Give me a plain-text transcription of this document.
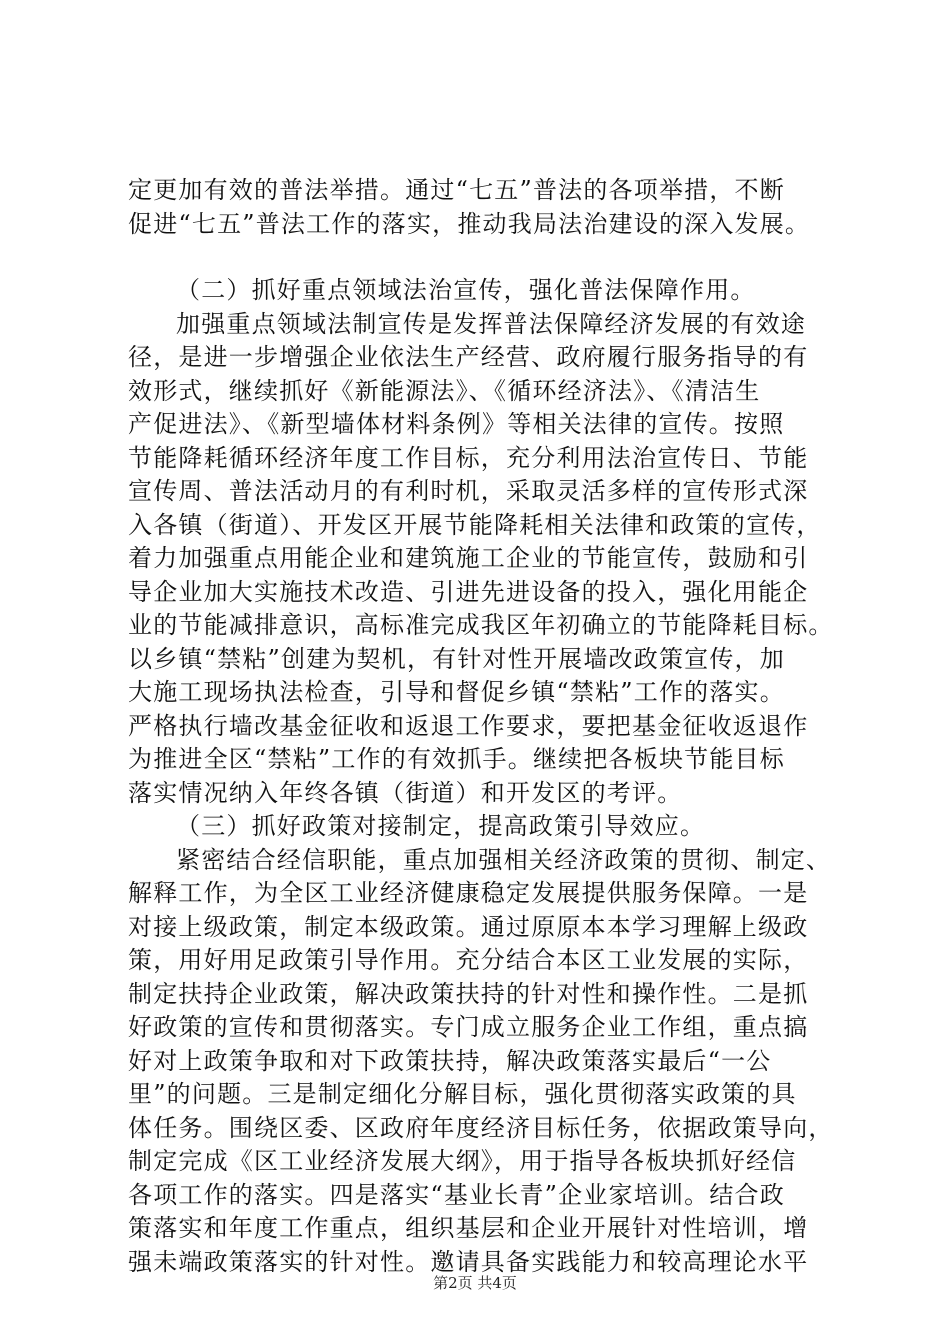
定更加有效的普法举措。通过“七五”普法的各项举措，不断
促进“七五”普法工作的落实，推动我局法治建设的深入发展。
（二）抓好重点领域法治宣传，强化普法保障作用。
加强重点领域法制宣传是发挥普法保障经济发展的有效途
径，是进一步增强企业依法生产经营、政府履行服务指导的有
效形式，继续抓好《新能源法》、《循环经济法》、《清洁生
产促进法》、《新型墙体材料条例》等相关法律的宣传。按照
节能降耗循环经济年度工作目标，充分利用法治宣传日、节能
宣传周、普法活动月的有利时机，采取灵活多样的宣传形式深
入各镇（街道）、开发区开展节能降耗相关法律和政策的宣传，
着力加强重点用能企业和建筑施工企业的节能宣传，鼓励和引
导企业加大实施技术改造、引进先进设备的投入，强化用能企
业的节能减排意识，高标准完成我区年初确立的节能降耗目标。
以乡镇“禁粘”创建为契机，有针对性开展墙改政策宣传，加
大施工现场执法检查，引导和督促乡镇“禁粘”工作的落实。
严格执行墙改基金征收和返退工作要求，要把基金征收返退作
为推进全区“禁粘”工作的有效抓手。继续把各板块节能目标
落实情况纳入年终各镇（街道）和开发区的考评。
（三）抓好政策对接制定，提高政策引导效应。
紧密结合经信职能，重点加强相关经济政策的贯彻、制定、
解释工作，为全区工业经济健康稳定发展提供服务保障。一是
对接上级政策，制定本级政策。通过原原本本学习理解上级政
策，用好用足政策引导作用。充分结合本区工业发展的实际，
制定扶持企业政策，解决政策扶持的针对性和操作性。二是抓
好政策的宣传和贯彻落实。专门成立服务企业工作组，重点搞
好对上政策争取和对下政策扶持，解决政策落实最后“一公
里”的问题。三是制定细化分解目标，强化贯彻落实政策的具
体任务。围绕区委、区政府年度经济目标任务，依据政策导向，
制定完成《区工业经济发展大纲》，用于指导各板块抓好经信
各项工作的落实。四是落实“基业长青”企业家培训。结合政
策落实和年度工作重点，组织基层和企业开展针对性培训，增
强未端政策落实的针对性。邀请具备实践能力和较高理论水平
第2页 共4页
